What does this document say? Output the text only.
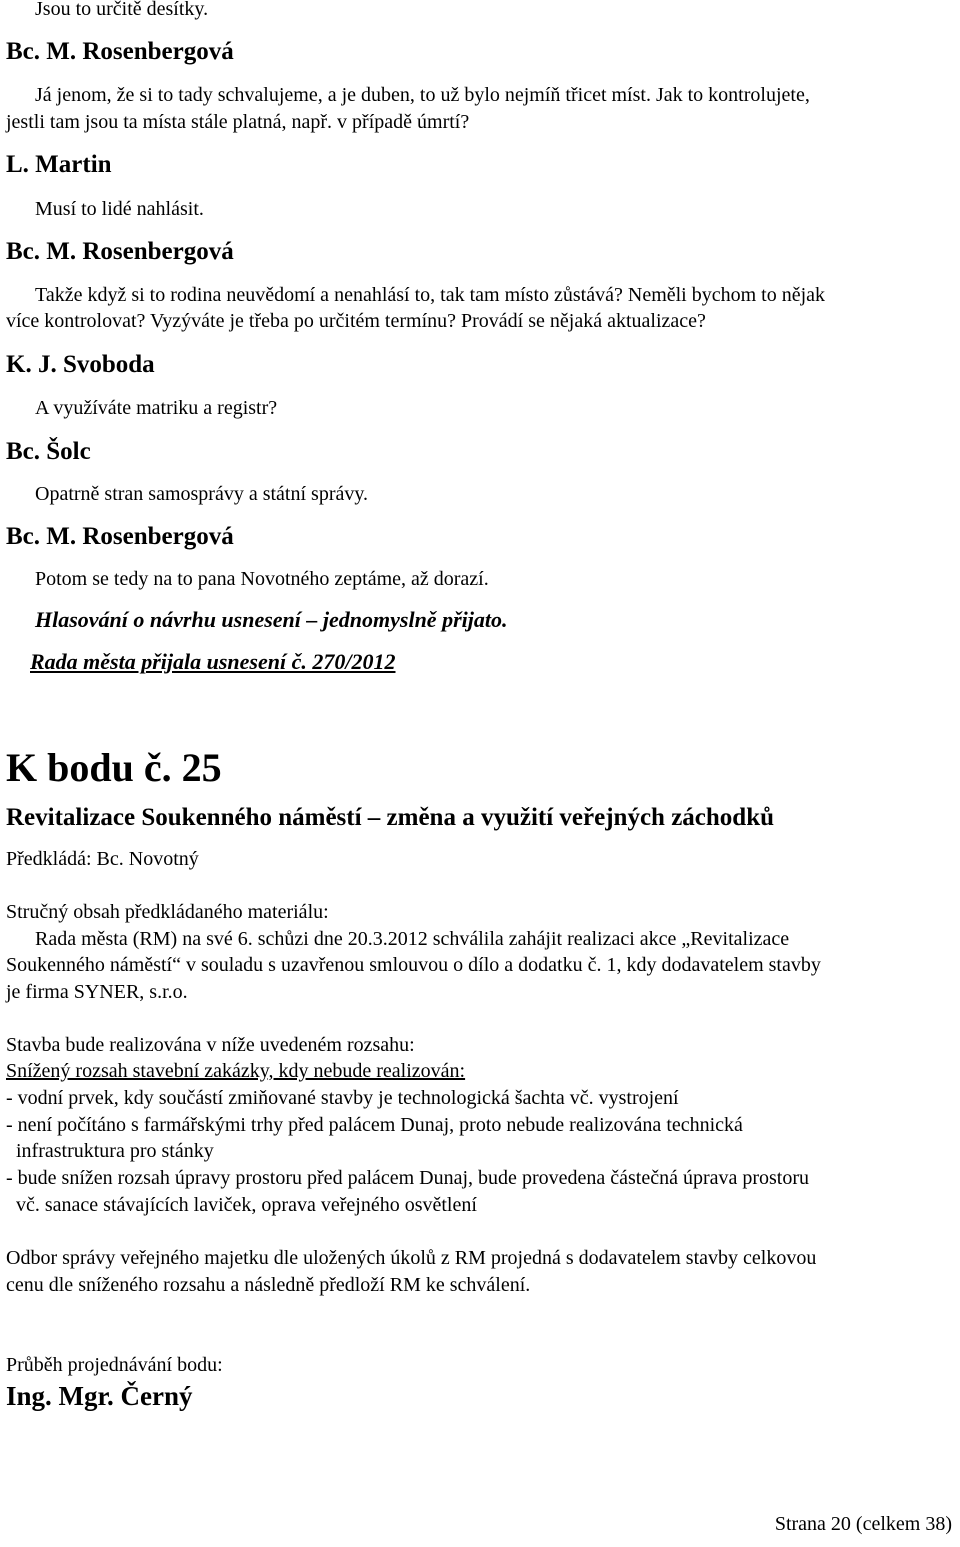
Jsou to určitě desítky.
Bc. M. Rosenbergová
Já jenom, že si to tady schvalujeme, a je duben, to už bylo nejmíň třicet míst. Jak to kontrolujete,
jestli tam jsou ta místa stále platná, např. v případě úmrtí?
L. Martin
Musí to lidé nahlásit.
Bc. M. Rosenbergová
Takže když si to rodina neuvědomí a nenahlásí to, tak tam místo zůstává? Neměli bychom to nějak
více kontrolovat? Vyzýváte je třeba po určitém termínu? Provádí se nějaká aktualizace?
K. J. Svoboda
A využíváte matriku a registr?
Bc. Šolc
Opatrně stran samosprávy a státní správy.
Bc. M. Rosenbergová
Potom se tedy na to pana Novotného zeptáme, až dorazí.
Hlasování o návrhu usnesení – jednomyslně přijato.
Rada města přijala usnesení č. 270/2012
K bodu č. 25
Revitalizace Soukenného náměstí – změna a využití veřejných záchodků
Předkládá: Bc. Novotný
Stručný obsah předkládaného materiálu:
Rada města (RM) na své 6. schůzi dne 20.3.2012 schválila zahájit realizaci akce „Revitalizace
Soukenného náměstí“ v souladu s uzavřenou smlouvou o dílo a dodatku č. 1, kdy dodavatelem stavby
je firma SYNER, s.r.o.
Stavba bude realizována v níže uvedeném rozsahu:
Snížený rozsah stavební zakázky, kdy nebude realizován:
- vodní prvek, kdy součástí zmiňované stavby je technologická šachta vč. vystrojení
- není počítáno s farmářskými trhy před palácem Dunaj, proto nebude realizována technická
infrastruktura pro stánky
- bude snížen rozsah úpravy prostoru před palácem Dunaj, bude provedena částečná úprava prostoru
vč. sanace stávajících laviček, oprava veřejného osvětlení
Odbor správy veřejného majetku dle uložených úkolů z RM projedná s dodavatelem stavby celkovou
cenu dle sníženého rozsahu a následně předloží RM ke schválení.
Průběh projednávání bodu:
Ing. Mgr. Černý
Strana 20 (celkem 38)
